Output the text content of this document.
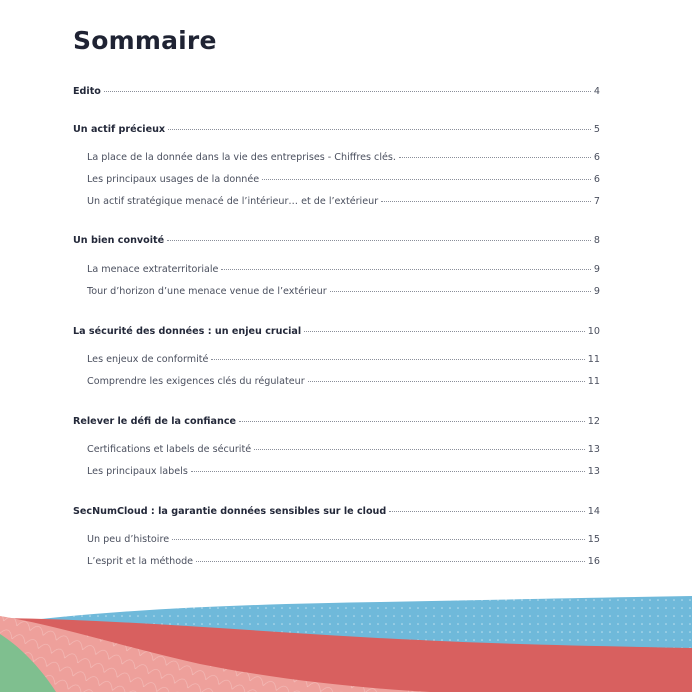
Sommaire
Edito	4
Un actif précieux	5
La place de la donnée dans la vie des entreprises - Chiffres clés.	6
Les principaux usages de la donnée	6
Un actif stratégique menacé de l’intérieur… et de l’extérieur	7
Un bien convoité	8
La menace extraterritoriale	9
Tour d’horizon d’une menace venue de l’extérieur	9
La sécurité des données : un enjeu crucial	10
Les enjeux de conformité	11
Comprendre les exigences clés du régulateur	11
Relever le défi de la confiance	12
Certifications et labels de sécurité	13
Les principaux labels	13
SecNumCloud : la garantie données sensibles sur le cloud	14
Un peu d’histoire	15
L’esprit et la méthode	16
